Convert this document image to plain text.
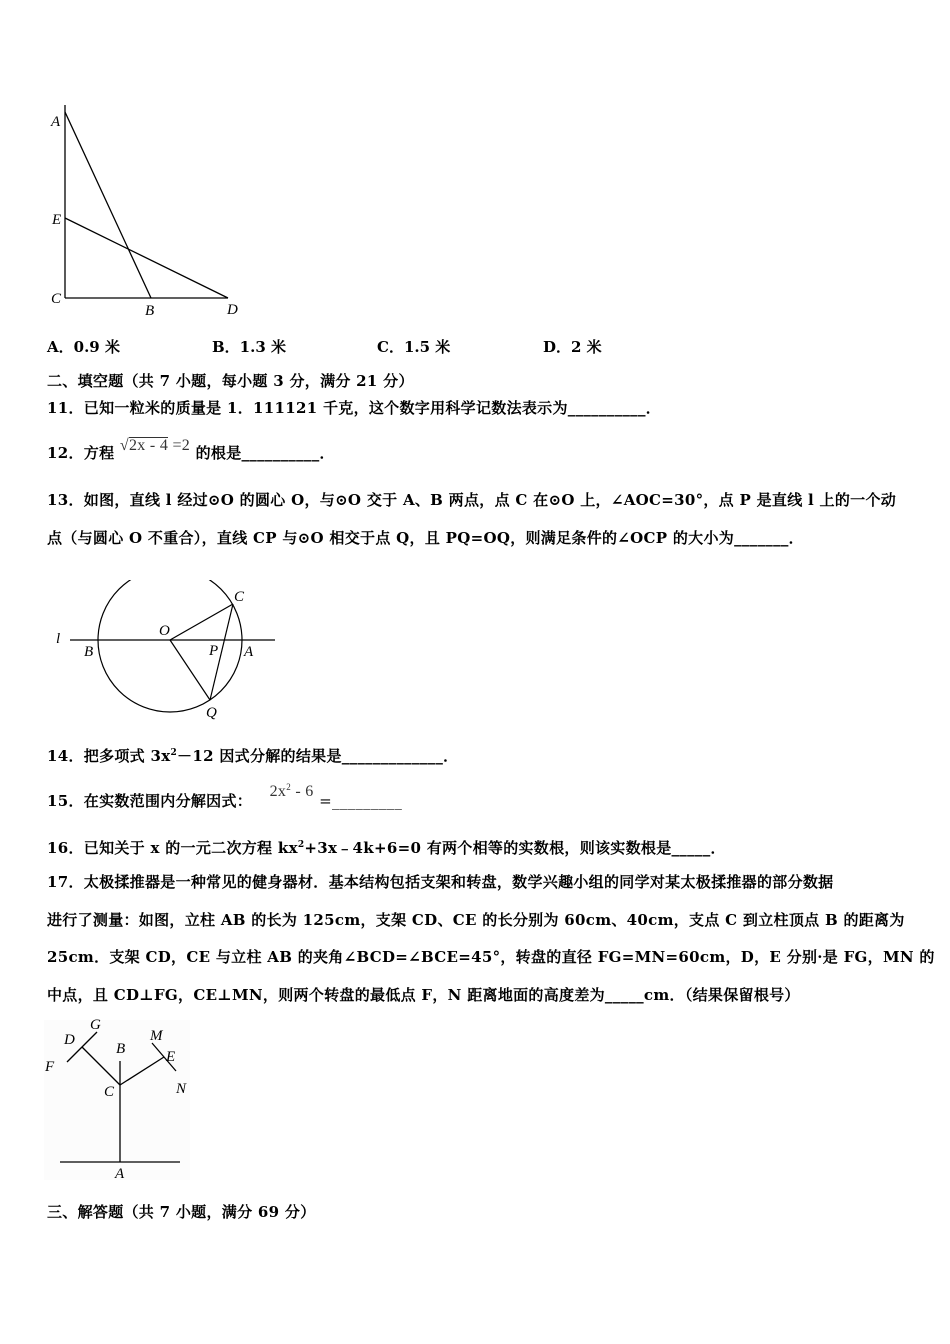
A
E
C
B	D
A．0.9 米	B．1.3 米	C．1.5 米	D．2 米
二、填空题（共 7 小题，每小题 3 分，满分 21 分）
11．已知一粒米的质量是 1．111121 千克，这个数字用科学记数法表示为__________．
12．方程 √2x - 4 =2 的根是__________．
13．如图，直线 l 经过⊙O 的圆心 O，与⊙O 交于 A、B 两点，点 C 在⊙O 上，∠AOC=30°，点 P 是直线 l 上的一个动
点（与圆心 O 不重合），直线 CP 与⊙O 相交于点 Q，且 PQ=OQ，则满足条件的∠OCP 的大小为_______．
l
B
O
P A
C
Q
14．把多项式 $3x^2-12$ 因式分解的结果是_____________．
15．在实数范围内分解因式： $2x^2 - 6$ =_________
16．已知关于 x 的一元二次方程 $kx^2+3x﹣4k+6=0$ 有两个相等的实数根，则该实数根是_____．
17．太极揉推器是一种常见的健身器材．基本结构包括支架和转盘，数学兴趣小组的同学对某太极揉推器的部分数据
进行了测量：如图，立柱 AB 的长为 125cm，支架 CD、CE 的长分别为 60cm、40cm，支点 C 到立柱顶点 B 的距离为
25cm．支架 CD，CE 与立柱 AB 的夹角∠BCD=∠BCE=45°，转盘的直径 FG=MN=60cm，D，E 分别·是 FG，MN 的
中点，且 CD⊥FG，CE⊥MN，则两个转盘的最低点 F，N 距离地面的高度差为_____cm．（结果保留根号）
D
G
F
B
M
E
C	N
A
三、解答题（共 7 小题，满分 69 分）
